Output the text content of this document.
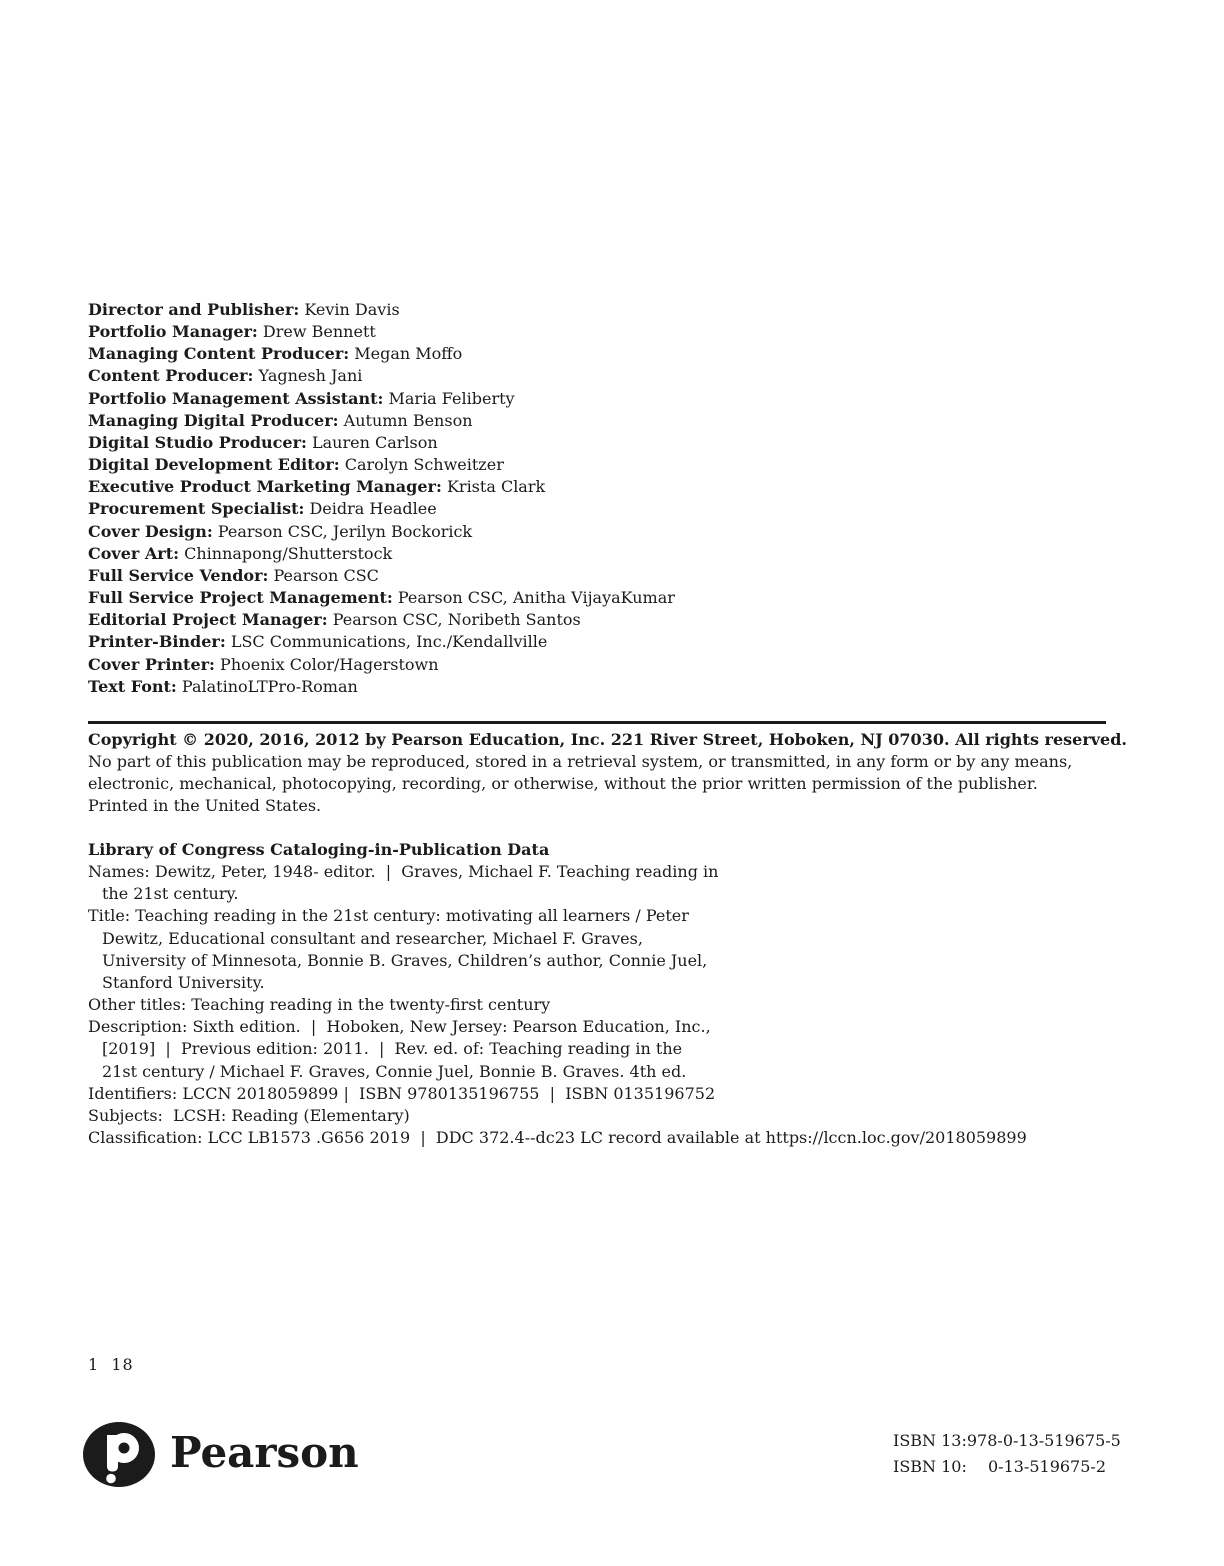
Director and Publisher: Kevin Davis
Portfolio Manager: Drew Bennett
Managing Content Producer: Megan Moffo
Content Producer: Yagnesh Jani
Portfolio Management Assistant: Maria Feliberty
Managing Digital Producer: Autumn Benson
Digital Studio Producer: Lauren Carlson
Digital Development Editor: Carolyn Schweitzer
Executive Product Marketing Manager: Krista Clark
Procurement Specialist: Deidra Headlee
Cover Design: Pearson CSC, Jerilyn Bockorick
Cover Art: Chinnapong/Shutterstock
Full Service Vendor: Pearson CSC
Full Service Project Management: Pearson CSC, Anitha VijayaKumar
Editorial Project Manager: Pearson CSC, Noribeth Santos
Printer-Binder: LSC Communications, Inc./Kendallville
Cover Printer: Phoenix Color/Hagerstown
Text Font: PalatinoLTPro-Roman
Copyright © 2020, 2016, 2012 by Pearson Education, Inc. 221 River Street, Hoboken, NJ 07030. All rights reserved.
No part of this publication may be reproduced, stored in a retrieval system, or transmitted, in any form or by any means,
electronic, mechanical, photocopying, recording, or otherwise, without the prior written permission of the publisher.
Printed in the United States.
Library of Congress Cataloging-in-Publication Data
Names: Dewitz, Peter, 1948- editor.  |  Graves, Michael F. Teaching reading in
the 21st century.
Title: Teaching reading in the 21st century: motivating all learners / Peter
Dewitz, Educational consultant and researcher, Michael F. Graves,
University of Minnesota, Bonnie B. Graves, Children’s author, Connie Juel,
Stanford University.
Other titles: Teaching reading in the twenty-first century
Description: Sixth edition.  |  Hoboken, New Jersey: Pearson Education, Inc.,
[2019]  |  Previous edition: 2011.  |  Rev. ed. of: Teaching reading in the
21st century / Michael F. Graves, Connie Juel, Bonnie B. Graves. 4th ed.
Identifiers: LCCN 2018059899 |  ISBN 9780135196755  |  ISBN 0135196752
Subjects:  LCSH: Reading (Elementary)
Classification: LCC LB1573 .G656 2019  |  DDC 372.4--dc23 LC record available at https://lccn.loc.gov/2018059899
1  18
Pearson	ISBN 13: 978-0-13-519675-5
ISBN 10: 0-13-519675-2
